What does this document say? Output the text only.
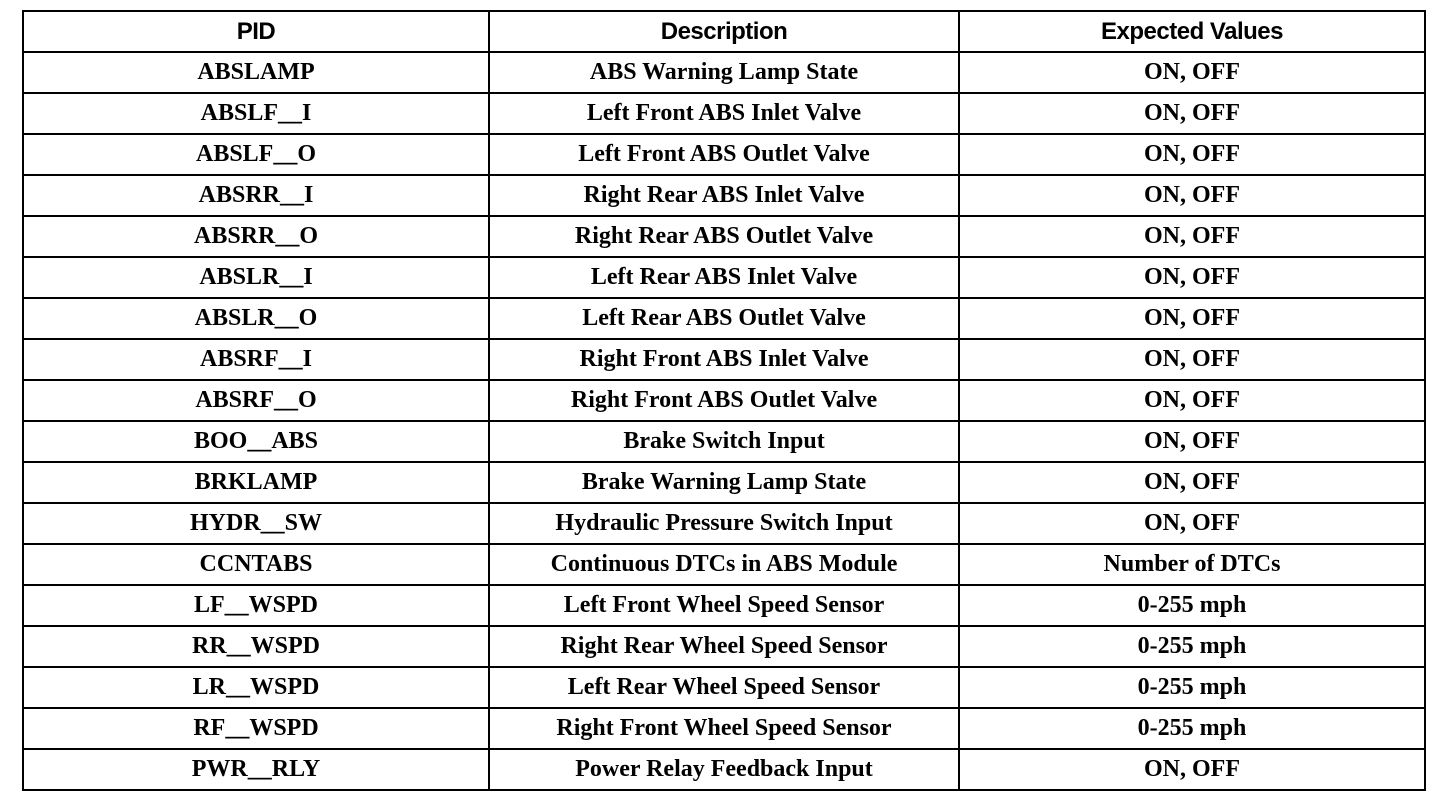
PID	Description	Expected Values
ABSLAMP	ABS Warning Lamp State	ON, OFF
ABSLF__I	Left Front ABS Inlet Valve	ON, OFF
ABSLF__O	Left Front ABS Outlet Valve	ON, OFF
ABSRR__I	Right Rear ABS Inlet Valve	ON, OFF
ABSRR__O	Right Rear ABS Outlet Valve	ON, OFF
ABSLR__I	Left Rear ABS Inlet Valve	ON, OFF
ABSLR__O	Left Rear ABS Outlet Valve	ON, OFF
ABSRF__I	Right Front ABS Inlet Valve	ON, OFF
ABSRF__O	Right Front ABS Outlet Valve	ON, OFF
BOO__ABS	Brake Switch Input	ON, OFF
BRKLAMP	Brake Warning Lamp State	ON, OFF
HYDR__SW	Hydraulic Pressure Switch Input	ON, OFF
CCNTABS	Continuous DTCs in ABS Module	Number of DTCs
LF__WSPD	Left Front Wheel Speed Sensor	0-255 mph
RR__WSPD	Right Rear Wheel Speed Sensor	0-255 mph
LR__WSPD	Left Rear Wheel Speed Sensor	0-255 mph
RF__WSPD	Right Front Wheel Speed Sensor	0-255 mph
PWR__RLY	Power Relay Feedback Input	ON, OFF
